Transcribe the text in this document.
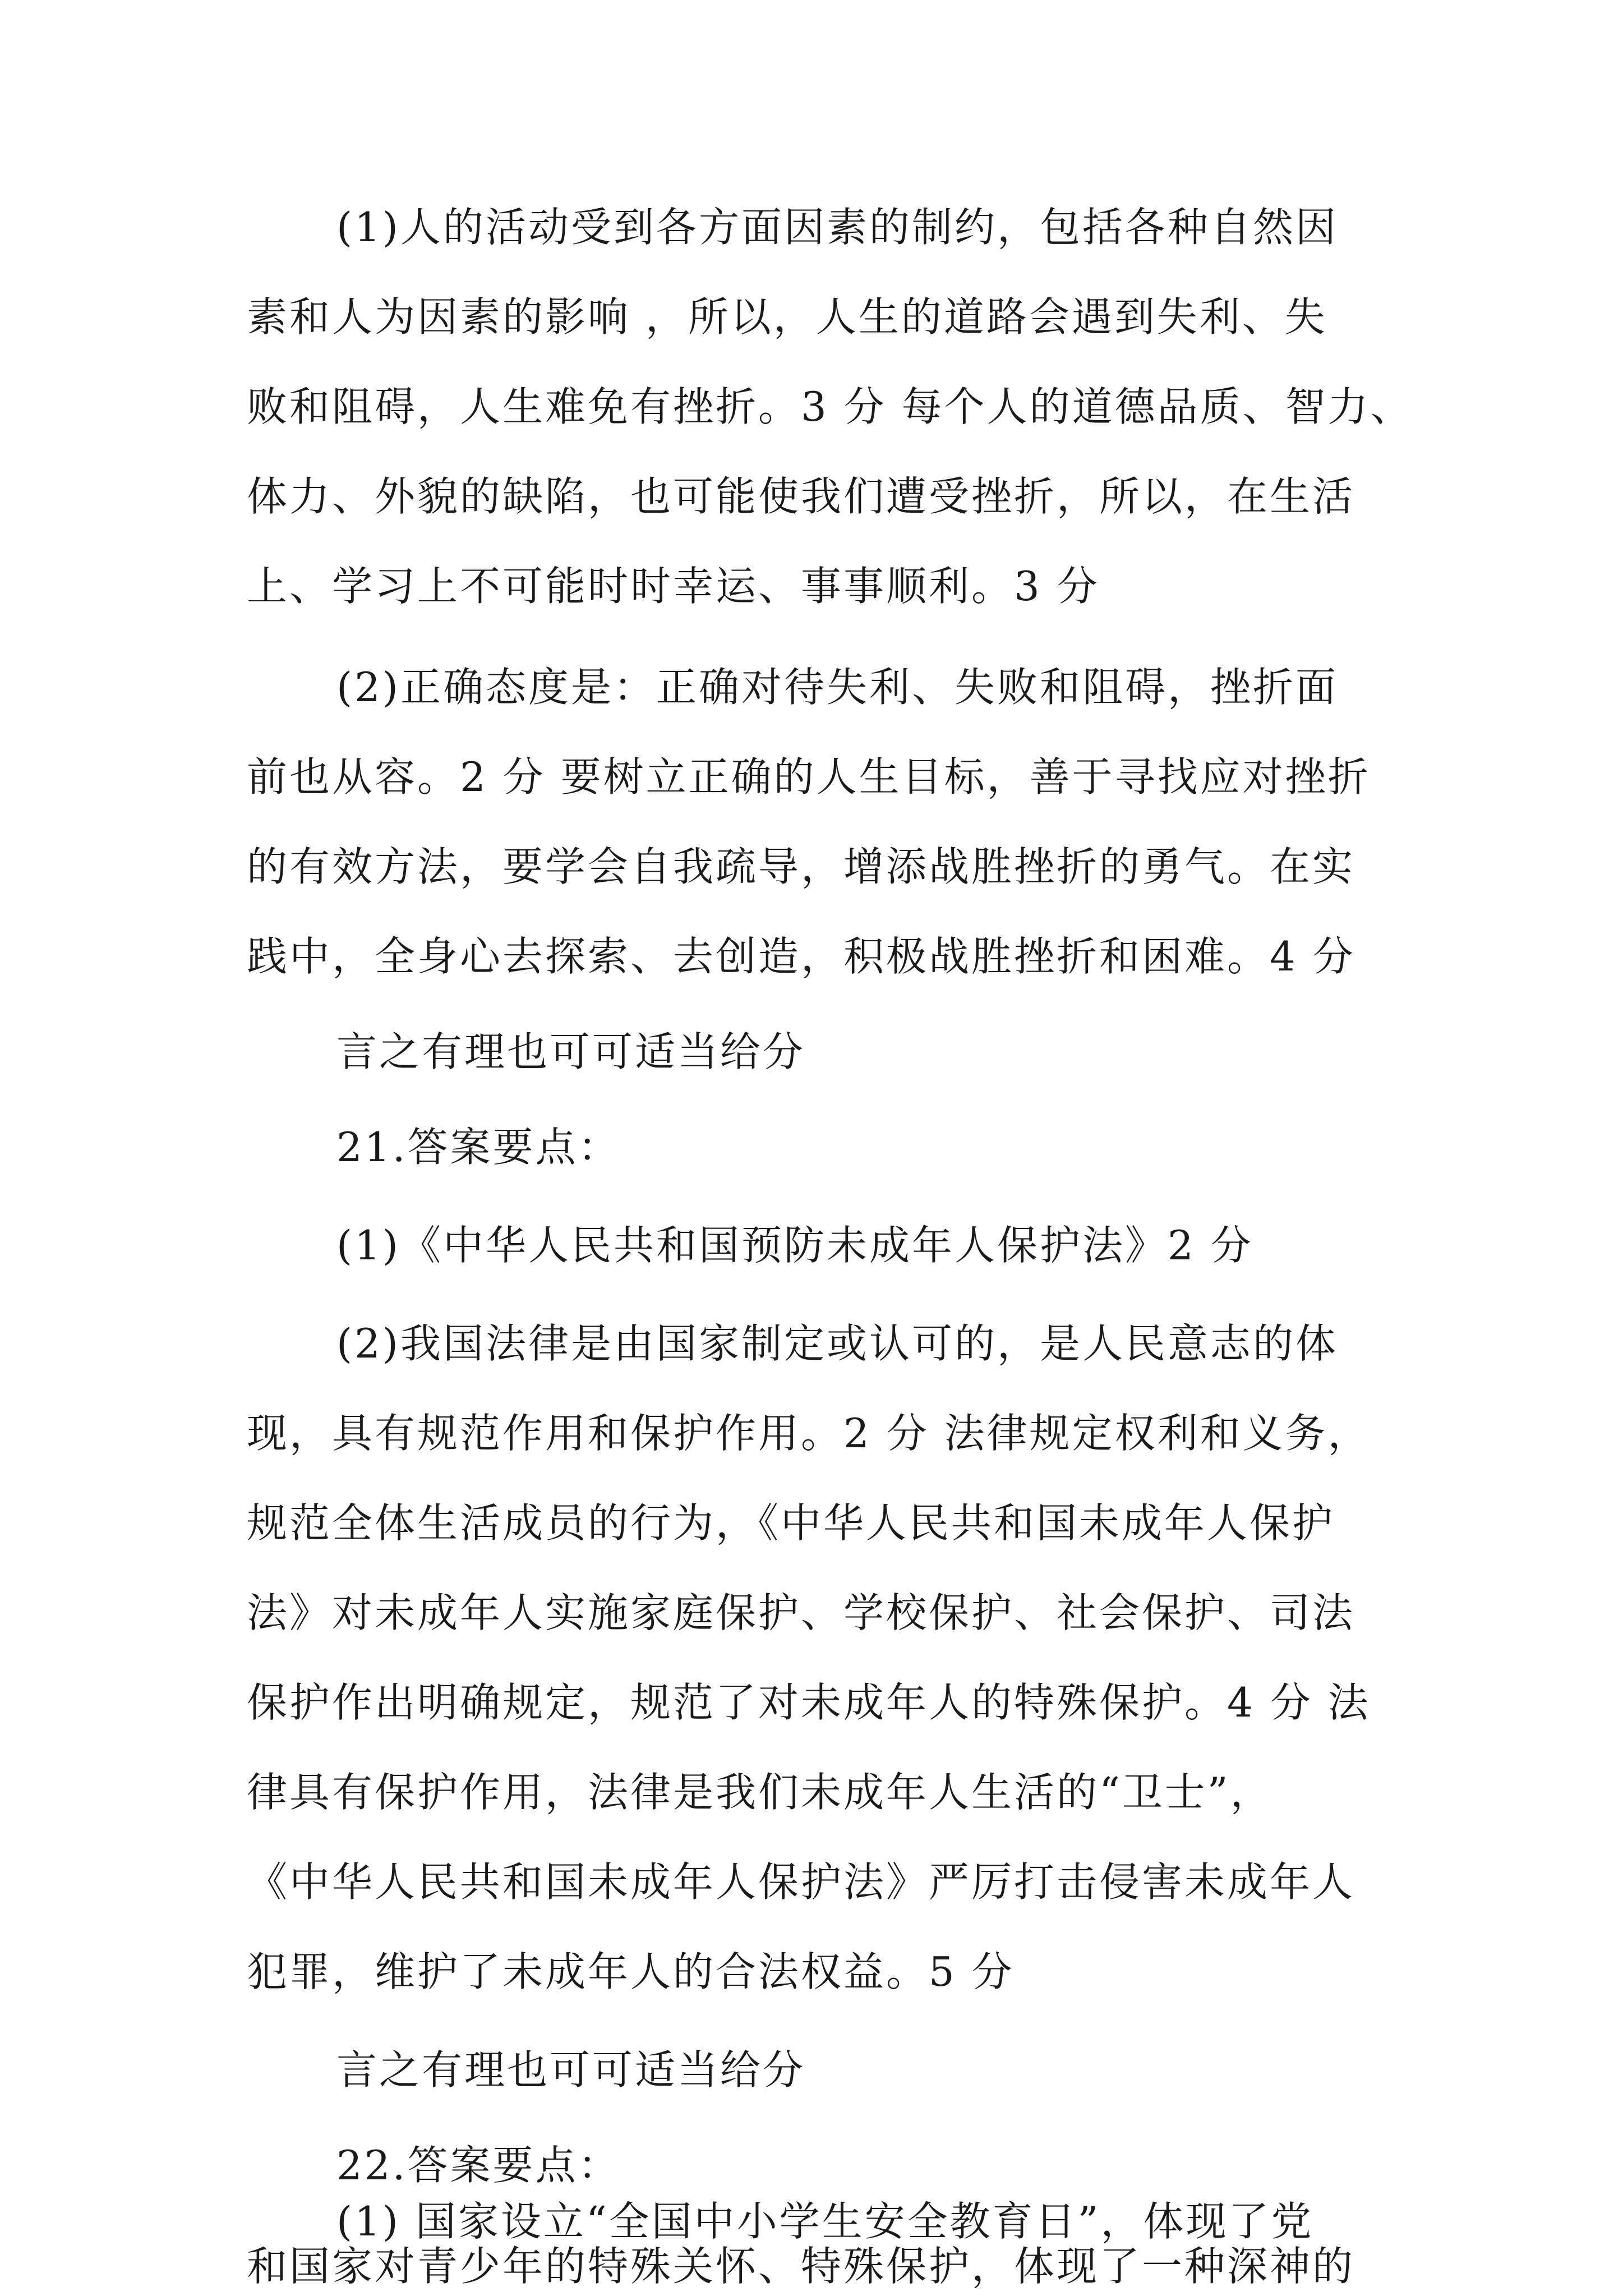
(1)人的活动受到各方面因素的制约，包括各种自然因
素和人为因素的影响 ，所以，人生的道路会遇到失利、失
败和阻碍，人生难免有挫折。3 分 每个人的道德品质、智力、
体力、外貌的缺陷，也可能使我们遭受挫折，所以，在生活
上、学习上不可能时时幸运、事事顺利。3 分
(2)正确态度是：正确对待失利、失败和阻碍，挫折面
前也从容。2 分 要树立正确的人生目标，善于寻找应对挫折
的有效方法，要学会自我疏导，增添战胜挫折的勇气。在实
践中，全身心去探索、去创造，积极战胜挫折和困难。4 分
言之有理也可可适当给分
21.答案要点：
(1)《中华人民共和国预防未成年人保护法》2 分
(2)我国法律是由国家制定或认可的，是人民意志的体
现，具有规范作用和保护作用。2 分 法律规定权利和义务，
规范全体生活成员的行为，《中华人民共和国未成年人保护
法》对未成年人实施家庭保护、学校保护、社会保护、司法
保护作出明确规定，规范了对未成年人的特殊保护。4 分 法
律具有保护作用，法律是我们未成年人生活的“卫士”，
《中华人民共和国未成年人保护法》严厉打击侵害未成年人
犯罪，维护了未成年人的合法权益。5 分
言之有理也可可适当给分
22.答案要点：
(1) 国家设立“全国中小学生安全教育日”，体现了党
和国家对青少年的特殊关怀、特殊保护，体现了一种深神的
